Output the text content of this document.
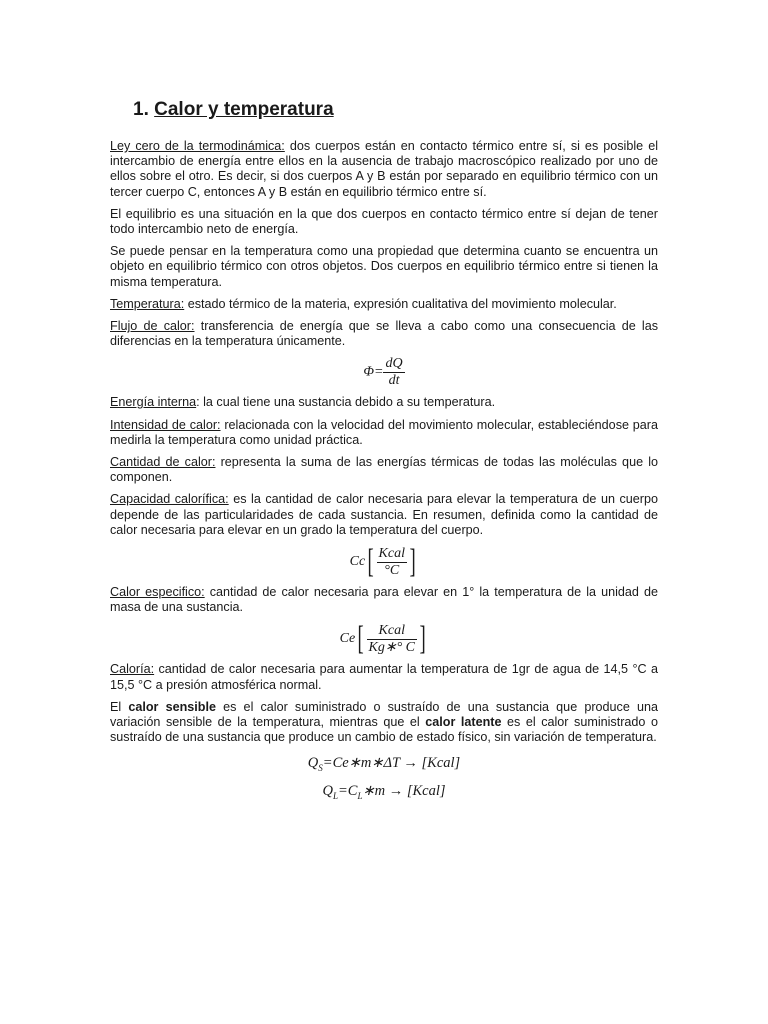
1. Calor y temperatura

Ley cero de la termodinámica: dos cuerpos están en contacto térmico entre sí, si es posible el intercambio de energía entre ellos en la ausencia de trabajo macroscópico realizado por uno de ellos sobre el otro. Es decir, si dos cuerpos A y B están por separado en equilibrio térmico con un tercer cuerpo C, entonces A y B están en equilibrio térmico entre sí.

El equilibrio es una situación en la que dos cuerpos en contacto térmico entre sí dejan de tener todo intercambio neto de energía.

Se puede pensar en la temperatura como una propiedad que determina cuanto se encuentra un objeto en equilibrio térmico con otros objetos. Dos cuerpos en equilibrio térmico entre si tienen la misma temperatura.

Temperatura: estado térmico de la materia, expresión cualitativa del movimiento molecular.

Flujo de calor: transferencia de energía que se lleva a cabo como una consecuencia de las diferencias en la temperatura únicamente.

$\Phi= \frac{dQ}{dt}$

Energía interna: la cual tiene una sustancia debido a su temperatura.

Intensidad de calor: relacionada con la velocidad del movimiento molecular, estableciéndose para medirla la temperatura como unidad práctica.

Cantidad de calor: representa la suma de las energías térmicas de todas las moléculas que lo componen.

Capacidad calorífica: es la cantidad de calor necesaria para elevar la temperatura de un cuerpo depende de las particularidades de cada sustancia. En resumen, definida como la cantidad de calor necesaria para elevar en un grado la temperatura del cuerpo.

$Cc[ \frac{\text{Kcal}}{^\circ C}$ ]

Calor especifico: cantidad de calor necesaria para elevar en 1° la temperatura de la unidad de masa de una sustancia.

$Ce[ \frac{\text{Kcal}}{Kg∗^\circ C}$ ]

Caloría: cantidad de calor necesaria para aumentar la temperatura de 1gr de agua de 14,5 °C a 15,5 °C a presión atmosférica normal.

El calor sensible es el calor suministrado o sustraído de una sustancia que produce una variación sensible de la temperatura, mientras que el calor latente es el calor suministrado o sustraído de una sustancia que produce un cambio de estado físico, sin variación de temperatura.

$Q_S=Ce∗m∗\Delta T$ → [Kcal]
$Q_L=C_L∗m$ → [Kcal]
